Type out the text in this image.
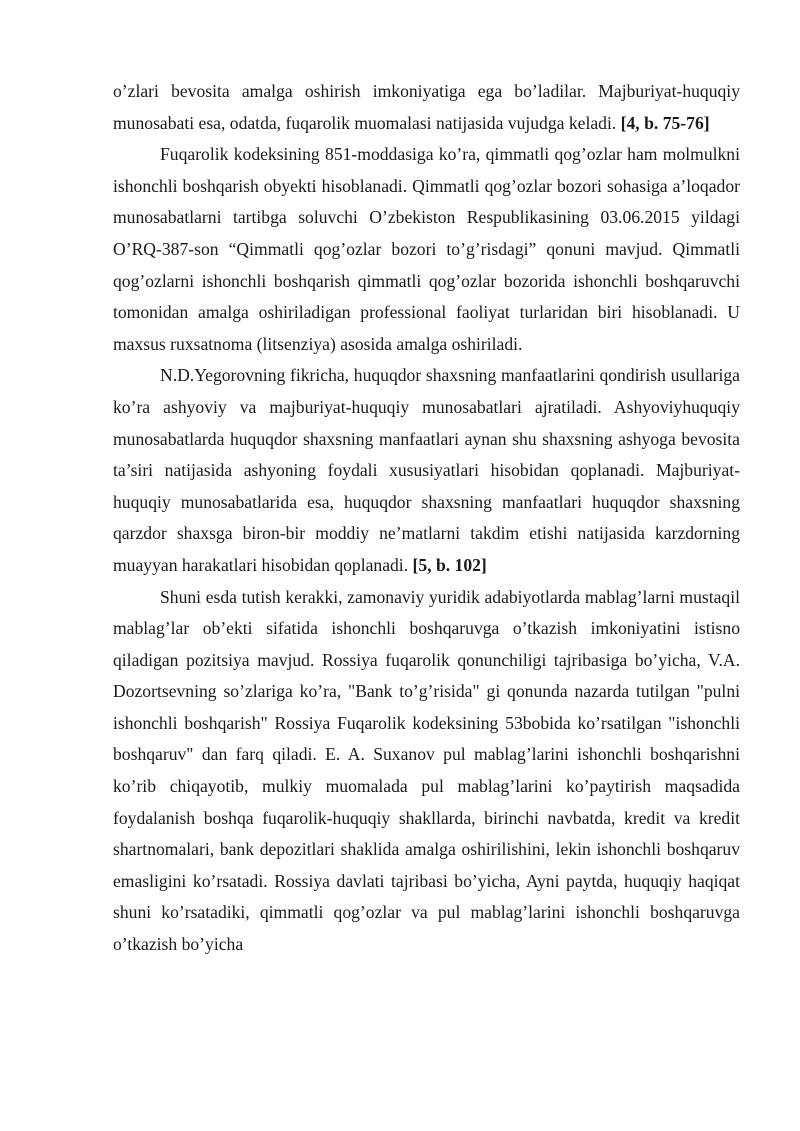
o’zlari bevosita amalga oshirish imkoniyatiga ega bo’ladilar. Majburiyat-huquqiy munosabati esa, odatda, fuqarolik muomalasi natijasida vujudga keladi. [4, b. 75-76]

Fuqarolik kodeksining 851-moddasiga ko’ra, qimmatli qog’ozlar ham molmulkni ishonchli boshqarish obyekti hisoblanadi. Qimmatli qog’ozlar bozori sohasiga a’loqador munosabatlarni tartibga soluvchi O’zbekiston Respublikasining 03.06.2015 yildagi O’RQ-387-son “Qimmatli qog’ozlar bozori to’g’risdagi” qonuni mavjud. Qimmatli qog’ozlarni ishonchli boshqarish qimmatli qog’ozlar bozorida ishonchli boshqaruvchi tomonidan amalga oshiriladigan professional faoliyat turlaridan biri hisoblanadi. U maxsus ruxsatnoma (litsenziya) asosida amalga oshiriladi.

N.D.Yegorovning fikricha, huquqdor shaxsning manfaatlarini qondirish usullariga ko’ra ashyoviy va majburiyat-huquqiy munosabatlari ajratiladi. Ashyoviyhuquqiy munosabatlarda huquqdor shaxsning manfaatlari aynan shu shaxsning ashyoga bevosita ta’siri natijasida ashyoning foydali xususiyatlari hisobidan qoplanadi. Majburiyat-huquqiy munosabatlarida esa, huquqdor shaxsning manfaatlari huquqdor shaxsning qarzdor shaxsga biron-bir moddiy ne’matlarni takdim etishi natijasida karzdorning muayyan harakatlari hisobidan qoplanadi. [5, b. 102]

Shuni esda tutish kerakki, zamonaviy yuridik adabiyotlarda mablag’larni mustaqil mablag’lar ob’ekti sifatida ishonchli boshqaruvga o’tkazish imkoniyatini istisno qiladigan pozitsiya mavjud. Rossiya fuqarolik qonunchiligi tajribasiga bo’yicha, V.A. Dozortsevning so’zlariga ko’ra, "Bank to’g’risida" gi qonunda nazarda tutilgan "pulni ishonchli boshqarish" Rossiya Fuqarolik kodeksining 53bobida ko’rsatilgan "ishonchli boshqaruv" dan farq qiladi. E. A. Suxanov pul mablag’larini ishonchli boshqarishni ko’rib chiqayotib, mulkiy muomalada pul mablag’larini ko’paytirish maqsadida foydalanish boshqa fuqarolik-huquqiy shakllarda, birinchi navbatda, kredit va kredit shartnomalari, bank depozitlari shaklida amalga oshirilishini, lekin ishonchli boshqaruv emasligini ko’rsatadi. Rossiya davlati tajribasi bo’yicha, Ayni paytda, huquqiy haqiqat shuni ko’rsatadiki, qimmatli qog’ozlar va pul mablag’larini ishonchli boshqaruvga o’tkazish bo’yicha
